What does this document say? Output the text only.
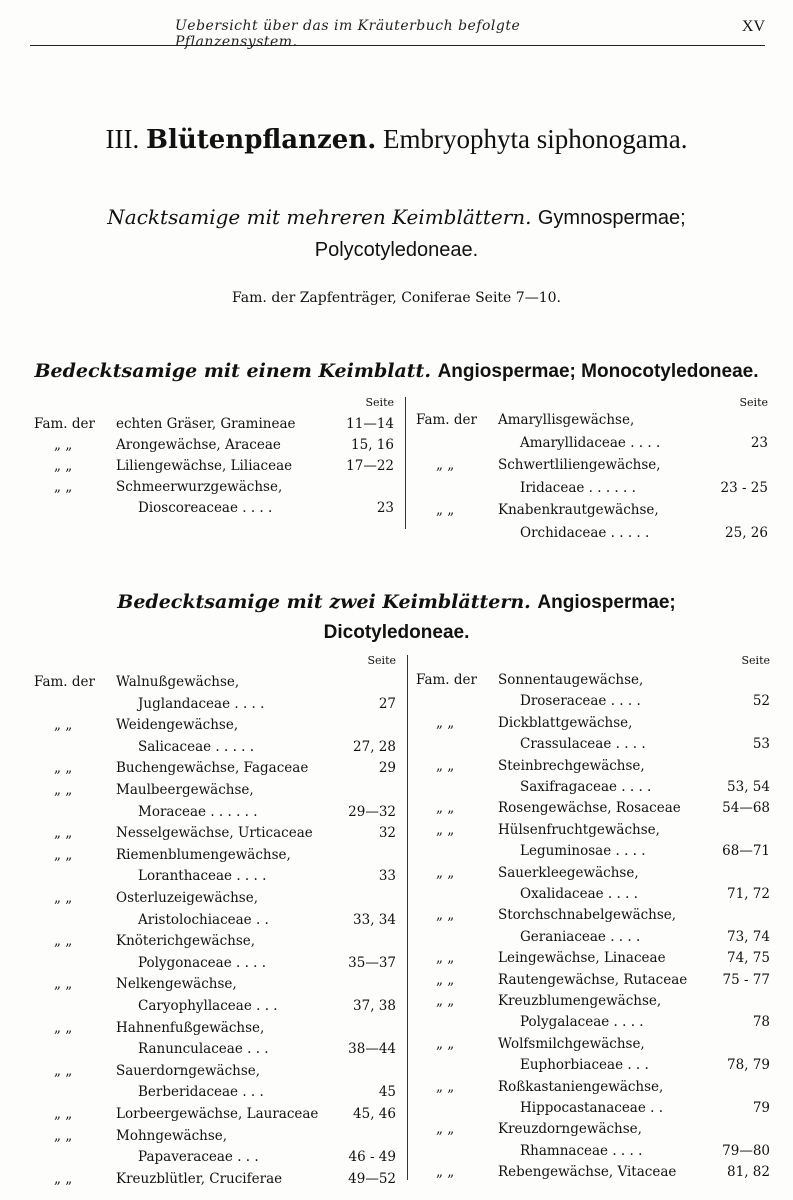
Uebersicht über das im Kräuterbuch befolgte Pflanzensystem.
XV
III. Blütenpflanzen. Embryophyta siphonogama.
Nacktsamige mit mehreren Keimblättern. Gymnospermae;
Polycotyledoneae.
Fam. der Zapfenträger, Coniferae Seite 7—10.
Bedecktsamige mit einem Keimblatt. Angiospermae; Monocotyledoneae.
Seite
Fam. der echten Gräser, Gramineae	11—14
„ „	Arongewächse, Araceae	15, 16
„ „	Liliengewächse, Liliaceae	17—22
„ „	Schmeerwurzgewächse,
Dioscoreaceae . . . .	23
Seite
Fam. der Amaryllisgewächse,
Amaryllidaceae . . . .	23
„ „	Schwertliliengewächse,
Iridaceae . . . . . .	23 - 25
„ „	Knabenkrautgewächse,
Orchidaceae . . . . .	25, 26
Bedecktsamige mit zwei Keimblättern. Angiospermae;
Dicotyledoneae.
Seite
Fam. der Walnußgewächse,
Juglandaceae . . . .	27
„ „	Weidengewächse,
Salicaceae . . . . .	27, 28
„ „	Buchengewächse, Fagaceae	29
„ „	Maulbeergewächse,
Moraceae . . . . . .	29—32
„ „	Nesselgewächse, Urticaceae	32
„ „	Riemenblumengewächse,
Loranthaceae . . . .	33
„ „	Osterluzeigewächse,
Aristolochiaceae . .	33, 34
„ „	Knöterichgewächse,
Polygonaceae . . . .	35—37
„ „	Nelkengewächse,
Caryophyllaceae . . .	37, 38
„ „	Hahnenfußgewächse,
Ranunculaceae . . .	38—44
„ „	Sauerdorngewächse,
Berberidaceae . . .	45
„ „	Lorbeergewächse, Lauraceae	45, 46
„ „	Mohngewächse,
Papaveraceae . . .	46 - 49
„ „	Kreuzblütler, Cruciferae	49—52
Seite
Fam. der Sonnentaugewächse,
Droseraceae . . . .	52
„ „	Dickblattgewächse,
Crassulaceae . . . .	53
„ „	Steinbrechgewächse,
Saxifragaceae . . . .	53, 54
„ „	Rosengewächse, Rosaceae	54—68
„ „	Hülsenfruchtgewächse,
Leguminosae . . . .	68—71
„ „	Sauerkleegewächse,
Oxalidaceae . . . .	71, 72
„ „	Storchschnabelgewächse,
Geraniaceae . . . .	73, 74
„ „	Leingewächse, Linaceae	74, 75
„ „	Rautengewächse, Rutaceae	75 - 77
„ „	Kreuzblumengewächse,
Polygalaceae . . . .	78
„ „	Wolfsmilchgewächse,
Euphorbiaceae . . .	78, 79
„ „	Roßkastaniengewächse,
Hippocastanaceae . .	79
„ „	Kreuzdorngewächse,
Rhamnaceae . . . .	79—80
„ „	Rebengewächse, Vitaceae	81, 82
